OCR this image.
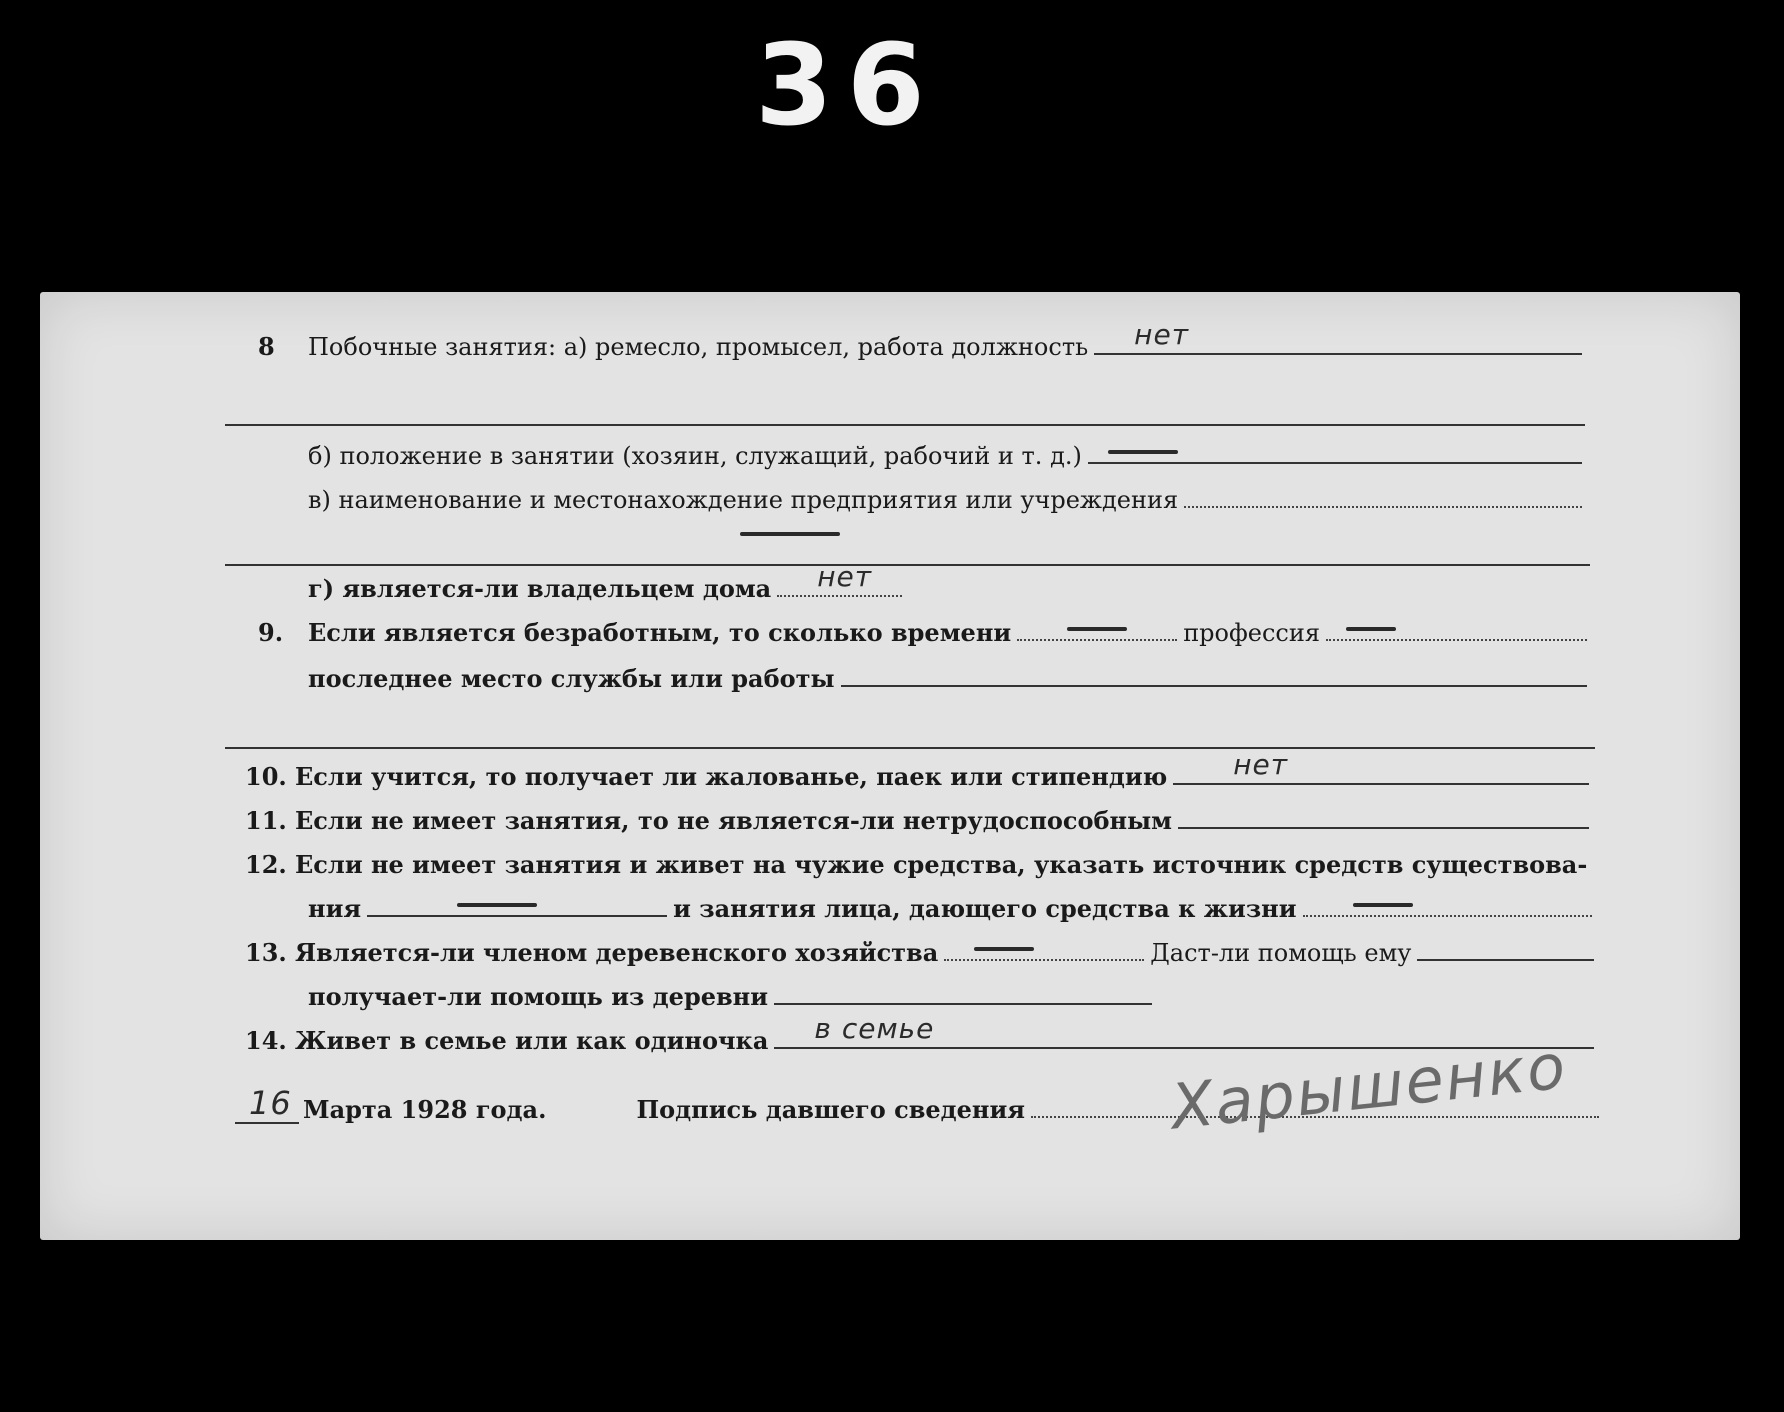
36
8	Побочные занятия: а) ремесло, промысел, работа должность нет
б) положение в занятии (хозяин, служащий, рабочий и т. д.)
в) наименование и местонахождение предприятия или учреждения
г) является-ли владельцем дома нет
9.	Если является безработным, то сколько времени	профессия
последнее место службы или работы
10. Если учится, то получает ли жалованье, паек или стипендию нет
11. Если не имеет занятия, то не является-ли нетрудоспособным
12. Если не имеет занятия и живет на чужие средства, указать источник средств существова-
ния	и занятия лица, дающего средства к жизни
13. Является-ли членом деревенского хозяйства	Даст-ли помощь ему
получает-ли помощь из деревни
14. Живет в семье или как одиночка в семье
16 Марта 1928 года.	Подпись давшего сведения Харышенко
